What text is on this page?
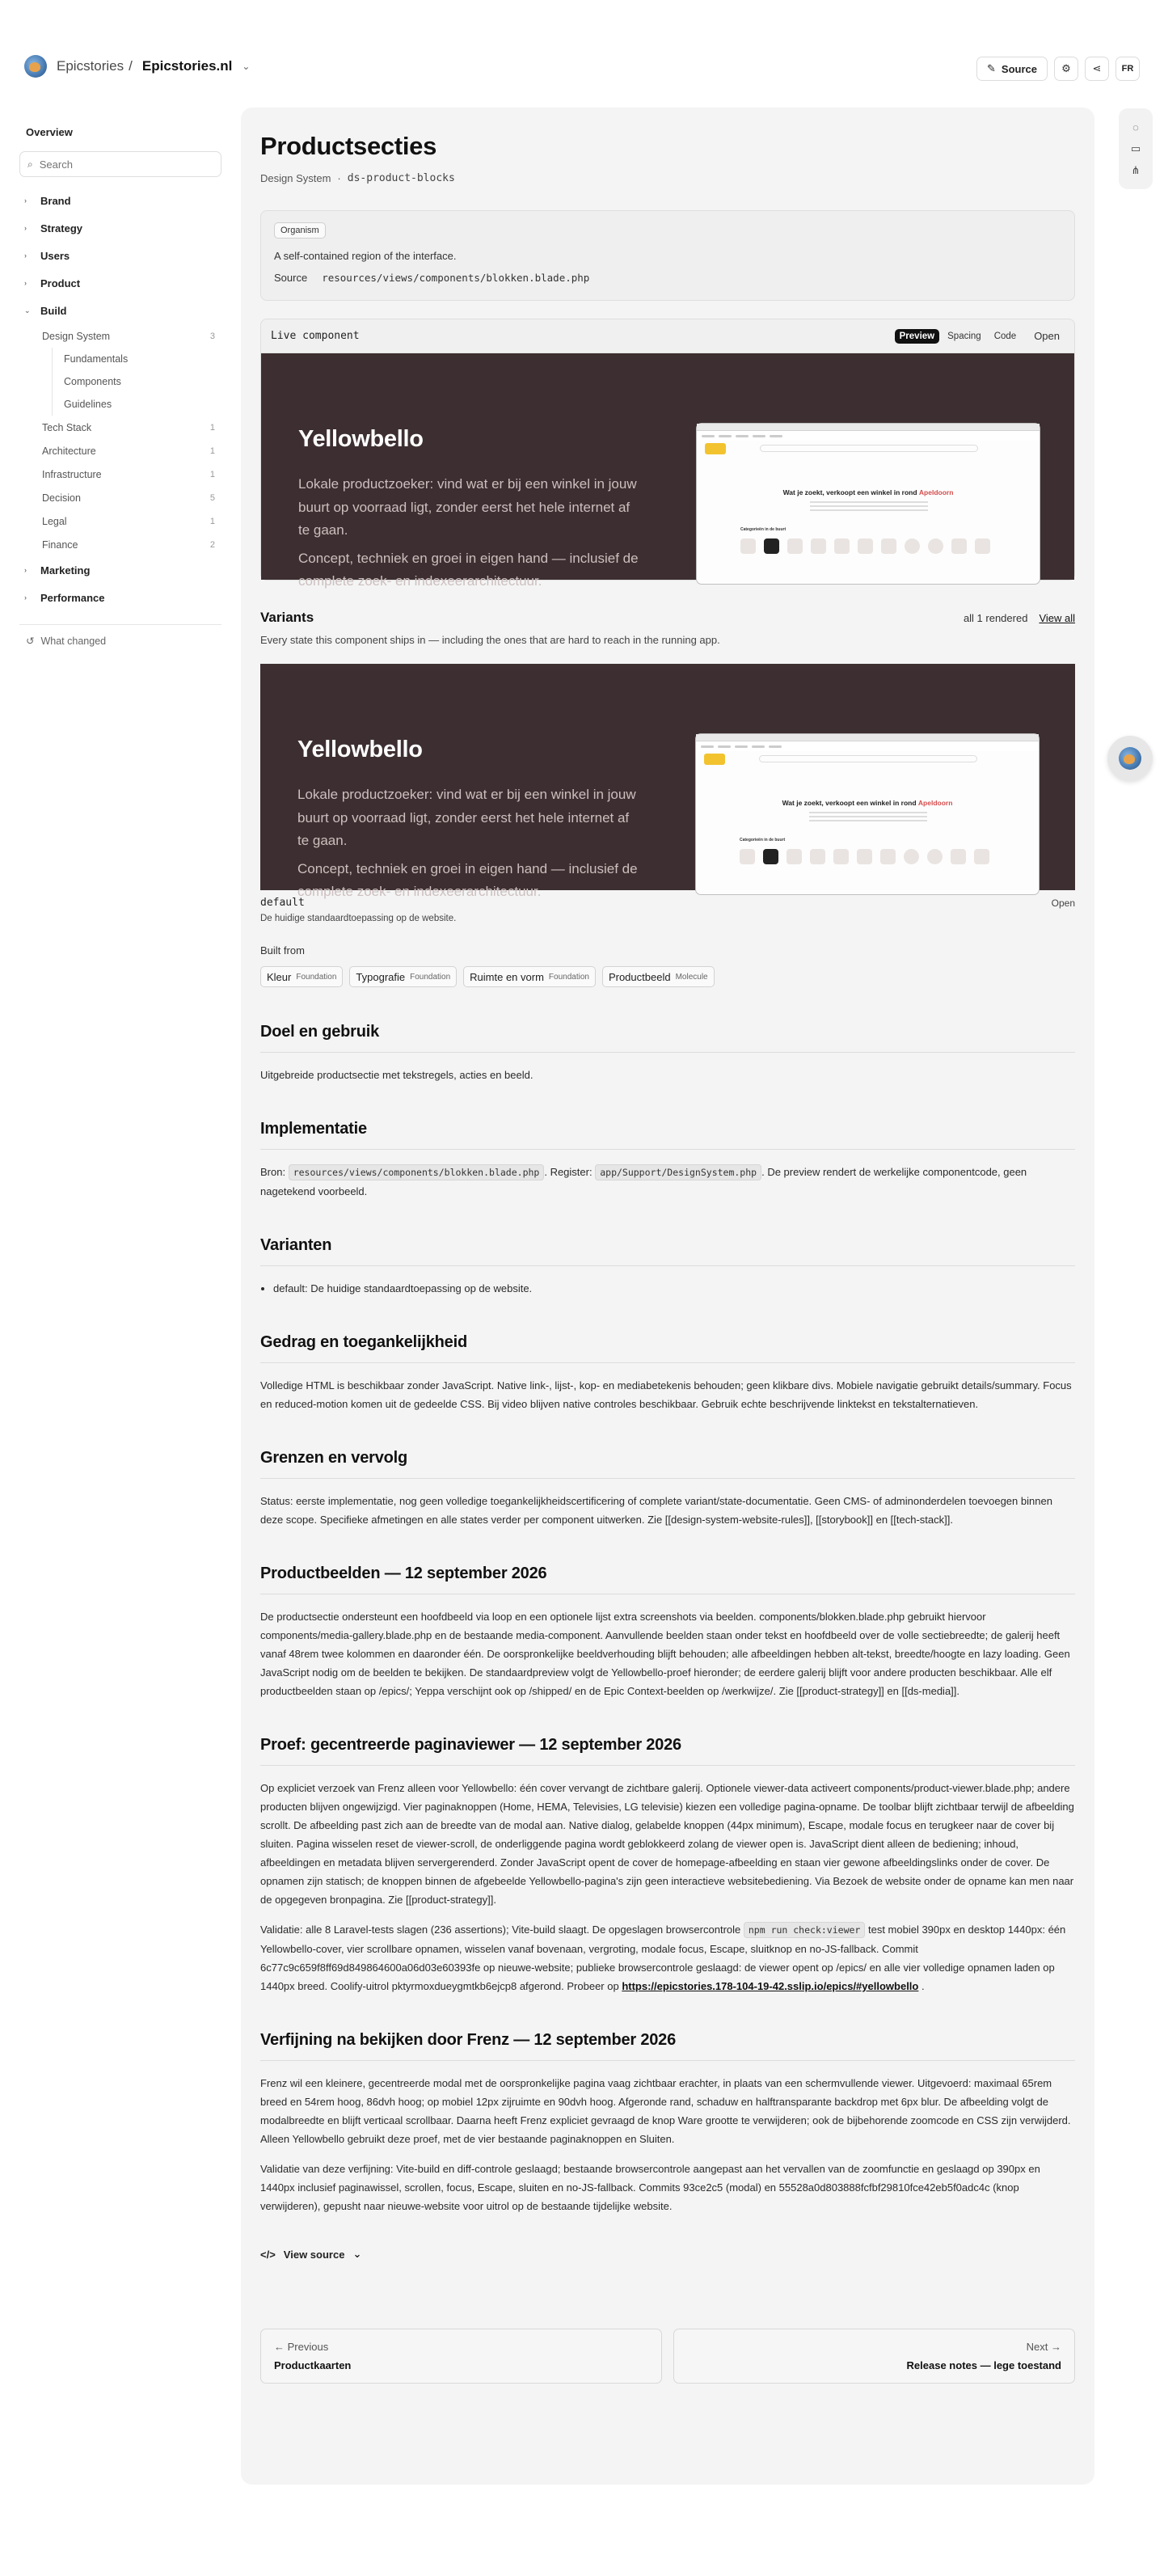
Epicstories / Epicstories.nl ⌄	✎ Source ⚙ ⋖	FR
Overview
⌕
Search
›	Brand
›	Strategy
›	Users
›	Product
⌄ Build
Design System	3
Fundamentals
Components
Guidelines
Tech Stack	1
Architecture	1
Infrastructure	1
Decision	5
Legal	1
Finance	2
›	Marketing
›	Performance
↺ What changed
Productsecties
Design System · ds-product-blocks
Organism
A self-contained region of the interface.
Source resources/views/components/blokken.blade.php
Live component	Preview	Spacing	Code	Open
Yellowbello
Lokale productzoeker: vind wat er bij een winkel in jouw buurt op voorraad ligt, zonder eerst het hele internet af te gaan.
Concept, techniek en groei in eigen hand — inclusief de complete zoek- en indexeerarchitectuur.
Wat je zoekt, verkoopt een winkel in rond Apeldoorn
Categorieën in de buurt
Variants	all 1 rendered View all
Every state this component ships in — including the ones that are hard to reach in the running app.
Yellowbello
Lokale productzoeker: vind wat er bij een winkel in jouw buurt op voorraad ligt, zonder eerst het hele internet af te gaan.
Concept, techniek en groei in eigen hand — inclusief de complete zoek- en indexeerarchitectuur.
Wat je zoekt, verkoopt een winkel in rond Apeldoorn
Categorieën in de buurt
default	Open
De huidige standaardtoepassing op de website.
Built from
Kleur Foundation Typografie Foundation Ruimte en vorm Foundation Productbeeld Molecule
Doel en gebruik

Uitgebreide productsectie met tekstregels, acties en beeld.

Implementatie

Bron: resources/views/components/blokken.blade.php . Register: app/Support/DesignSystem.php . De preview rendert de werkelijke componentcode, geen nagetekend voorbeeld.

Varianten
• default: De huidige standaardtoepassing op de website.
Gedrag en toegankelijkheid

Volledige HTML is beschikbaar zonder JavaScript. Native link-, lijst-, kop- en mediabetekenis behouden; geen klikbare divs. Mobiele navigatie gebruikt details/summary. Focus en reduced-motion komen uit de gedeelde CSS. Bij video blijven native controles beschikbaar. Gebruik echte beschrijvende linktekst en tekstalternatieven.

Grenzen en vervolg

Status: eerste implementatie, nog geen volledige toegankelijkheidscertificering of complete variant/state-documentatie. Geen CMS- of adminonderdelen toevoegen binnen deze scope. Specifieke afmetingen en alle states verder per component uitwerken. Zie [[design-system-website-rules]], [[storybook]] en [[tech-stack]].

Productbeelden — 12 september 2026

De productsectie ondersteunt een hoofdbeeld via loop en een optionele lijst extra screenshots via beelden. components/blokken.blade.php gebruikt hiervoor components/media-gallery.blade.php en de bestaande media-component. Aanvullende beelden staan onder tekst en hoofdbeeld over de volle sectiebreedte; de galerij heeft vanaf 48rem twee kolommen en daaronder één. De oorspronkelijke beeldverhouding blijft behouden; alle afbeeldingen hebben alt-tekst, breedte/hoogte en lazy loading. Geen JavaScript nodig om de beelden te bekijken. De standaardpreview volgt de Yellowbello-proef hieronder; de eerdere galerij blijft voor andere producten beschikbaar. Alle elf productbeelden staan op /epics/; Yeppa verschijnt ook op /shipped/ en de Epic Context-beelden op /werkwijze/. Zie [[product-strategy]] en [[ds-media]].

Proef: gecentreerde paginaviewer — 12 september 2026

Op expliciet verzoek van Frenz alleen voor Yellowbello: één cover vervangt de zichtbare galerij. Optionele viewer-data activeert components/product-viewer.blade.php; andere producten blijven ongewijzigd. Vier paginaknoppen (Home, HEMA, Televisies, LG televisie) kiezen een volledige pagina-opname. De toolbar blijft zichtbaar terwijl de afbeelding scrollt. De afbeelding past zich aan de breedte van de modal aan. Native dialog, gelabelde knoppen (44px minimum), Escape, modale focus en terugkeer naar de cover bij sluiten. Pagina wisselen reset de viewer-scroll, de onderliggende pagina wordt geblokkeerd zolang de viewer open is. JavaScript dient alleen de bediening; inhoud, afbeeldingen en metadata blijven servergerenderd. Zonder JavaScript opent de cover de homepage-afbeelding en staan vier gewone afbeeldingslinks onder de cover. De opnamen zijn statisch; de knoppen binnen de afgebeelde Yellowbello-pagina's zijn geen interactieve websitebediening. Via Bezoek de website onder de opname kan men naar de opgegeven bronpagina. Zie [[product-strategy]].

Validatie: alle 8 Laravel-tests slagen (236 assertions); Vite-build slaagt. De opgeslagen browsercontrole npm run check:viewer test mobiel 390px en desktop 1440px: één Yellowbello-cover, vier scrollbare opnamen, wisselen vanaf bovenaan, vergroting, modale focus, Escape, sluitknop en no-JS-fallback. Commit 6c77c9c659f8ff69d849864600a06d03e60393fe op nieuwe-website; publieke browsercontrole geslaagd: de viewer opent op /epics/ en alle vier volledige opnamen laden op 1440px breed. Coolify-uitrol pktyrmoxdueygmtkb6ejcp8 afgerond. Probeer op https://epicstories.178-104-19-42.sslip.io/epics/#yellowbello .

Verfijning na bekijken door Frenz — 12 september 2026

Frenz wil een kleinere, gecentreerde modal met de oorspronkelijke pagina vaag zichtbaar erachter, in plaats van een schermvullende viewer. Uitgevoerd: maximaal 65rem breed en 54rem hoog, 86dvh hoog; op mobiel 12px zijruimte en 90dvh hoog. Afgeronde rand, schaduw en halftransparante backdrop met 6px blur. De afbeelding volgt de modalbreedte en blijft verticaal scrollbaar. Daarna heeft Frenz expliciet gevraagd de knop Ware grootte te verwijderen; ook de bijbehorende zoomcode en CSS zijn verwijderd. Alleen Yellowbello gebruikt deze proef, met de vier bestaande paginaknoppen en Sluiten.

Validatie van deze verfijning: Vite-build en diff-controle geslaagd; bestaande browsercontrole aangepast aan het vervallen van de zoomfunctie en geslaagd op 390px en 1440px inclusief paginawissel, scrollen, focus, Escape, sluiten en no-JS-fallback. Commits 93ce2c5 (modal) en 55528a0d803888fcfbf29810fce42eb5f0adc4c (knop verwijderen), gepusht naar nieuwe-website voor uitrol op de bestaande tijdelijke website.

</> View source ⌄
← Previous
Productkaarten
Next →
Release notes — lege toestand
◌
▭
⋔
